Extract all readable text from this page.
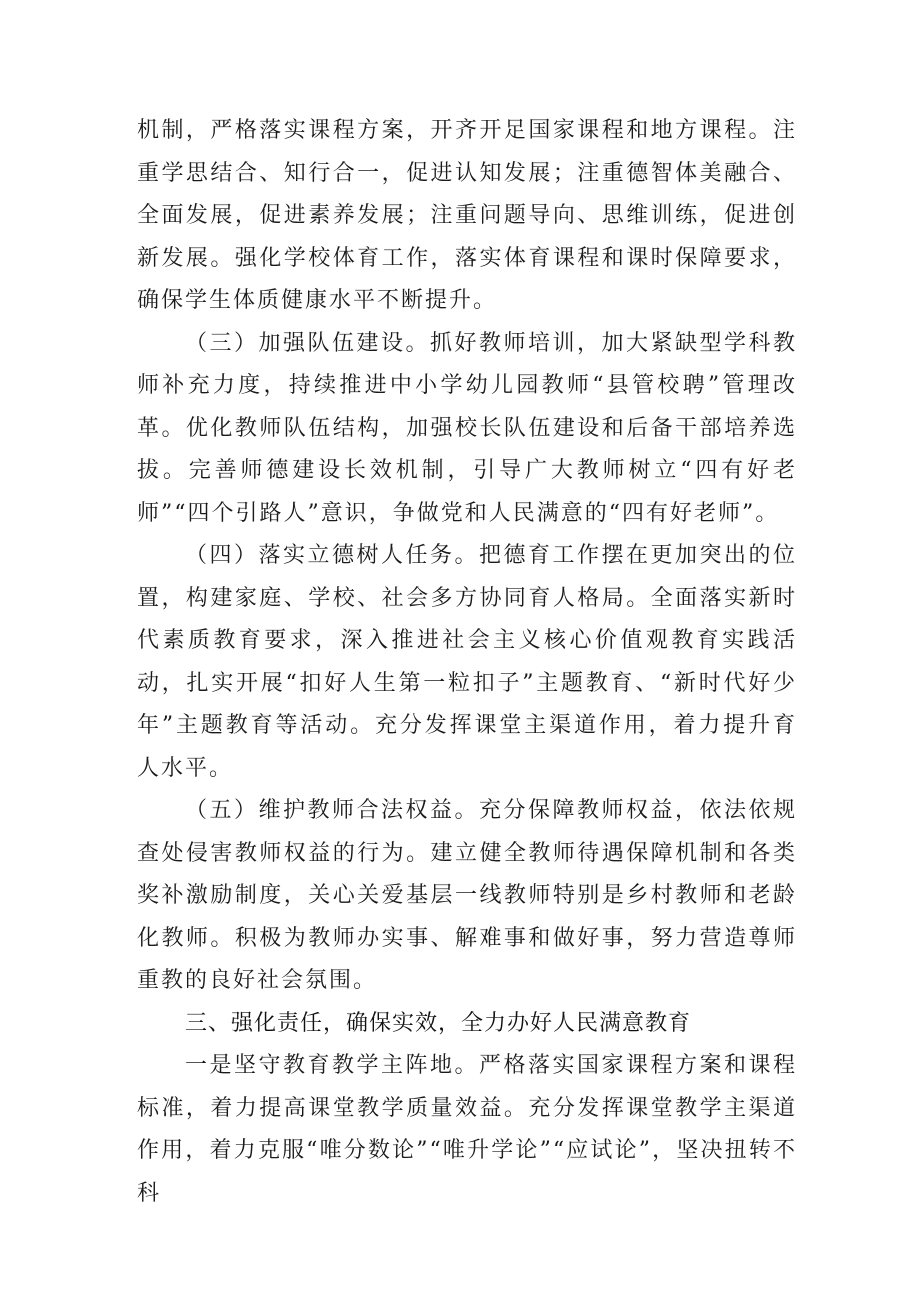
机制，严格落实课程方案，开齐开足国家课程和地方课程。注重学思结合、知行合一，促进认知发展；注重德智体美融合、全面发展，促进素养发展；注重问题导向、思维训练，促进创新发展。强化学校体育工作，落实体育课程和课时保障要求，确保学生体质健康水平不断提升。

（三）加强队伍建设。抓好教师培训，加大紧缺型学科教师补充力度，持续推进中小学幼儿园教师“县管校聘”管理改革。优化教师队伍结构，加强校长队伍建设和后备干部培养选拔。完善师德建设长效机制，引导广大教师树立“四有好老师”“四个引路人”意识，争做党和人民满意的“四有好老师”。

（四）落实立德树人任务。把德育工作摆在更加突出的位置，构建家庭、学校、社会多方协同育人格局。全面落实新时代素质教育要求，深入推进社会主义核心价值观教育实践活动，扎实开展“扣好人生第一粒扣子”主题教育、“新时代好少年”主题教育等活动。充分发挥课堂主渠道作用，着力提升育人水平。

（五）维护教师合法权益。充分保障教师权益，依法依规查处侵害教师权益的行为。建立健全教师待遇保障机制和各类奖补激励制度，关心关爱基层一线教师特别是乡村教师和老龄化教师。积极为教师办实事、解难事和做好事，努力营造尊师重教的良好社会氛围。

三、强化责任，确保实效，全力办好人民满意教育

一是坚守教育教学主阵地。严格落实国家课程方案和课程标准，着力提高课堂教学质量效益。充分发挥课堂教学主渠道作用，着力克服“唯分数论”“唯升学论”“应试论”，坚决扭转不科
